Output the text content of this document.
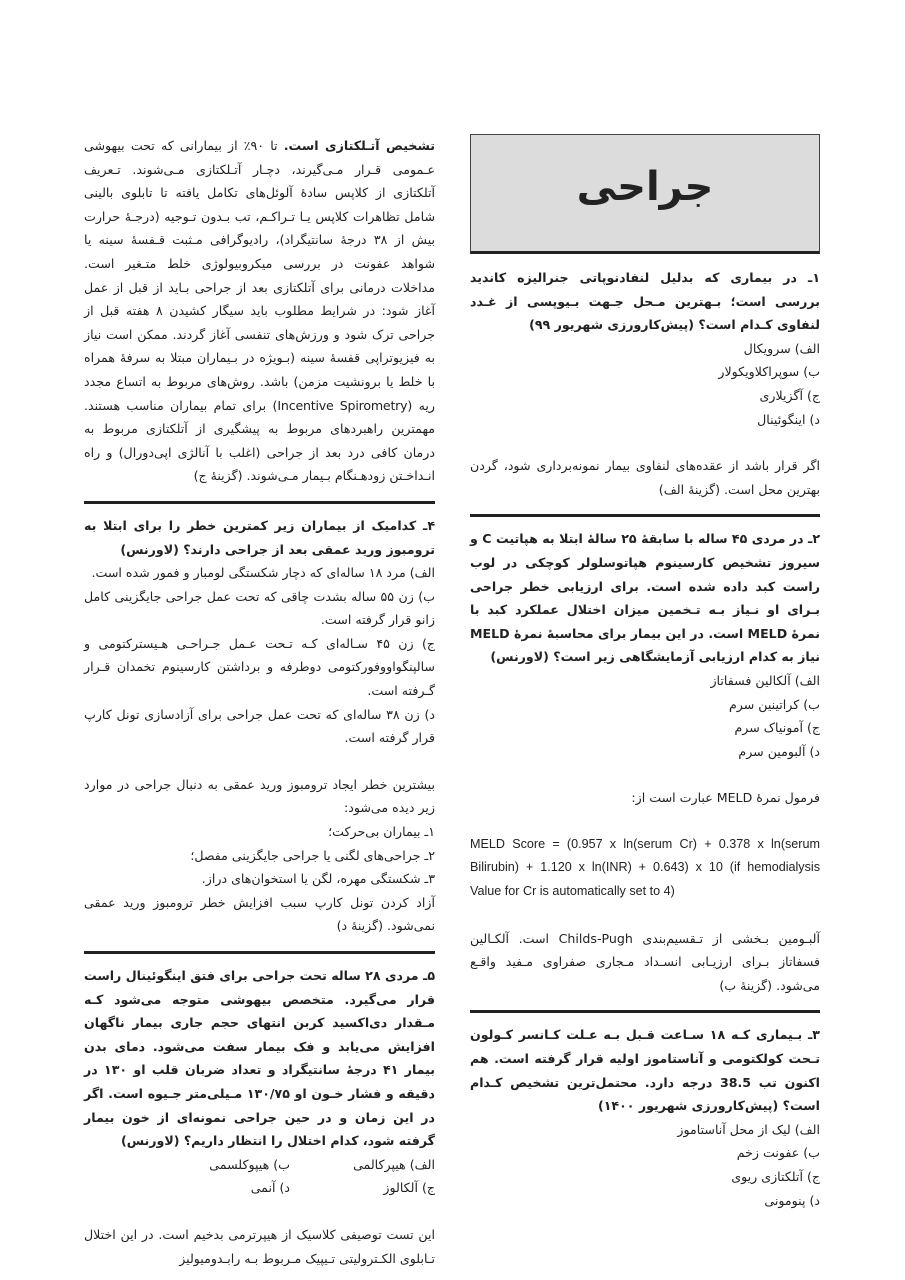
جراحی

۱ـ در بیماری که بدلیل لنفادنوپاتی جنرالیزه کاندید بررسی است؛ بـهترین مـحل جـهت بـیوپسی از غـدد لنفاوی کـدام است؟ (پیش‌کارورزی شهریور ۹۹)

الف) سرویکال
ب) سوپراکلاویکولار
ج) آگزیلاری
د) اینگوئینال

اگر قرار باشد از عقده‌های لنفاوی بیمار نمونه‌برداری شود، گردن بهترین محل است. (گزینهٔ الف)

۲ـ در مردی ۴۵ ساله با سابقهٔ ۲۵ سالهٔ ابتلا به هپاتیت C و سیروز تشخیص کارسینوم هپاتوسلولر کوچکی در لوب راست کبد داده شده است. برای ارزیابی خطر جراحی بـرای او نـیاز بـه تـخمین میزان اختلال عملکرد کبد با نمرهٔ MELD است. در این بیمار برای محاسبهٔ نمرهٔ MELD نیاز به کدام ارزیابی آزمایشگاهی زیر است؟ (لاورنس)

الف) آلکالین فسفاتاز
ب) کراتینین سرم
ج) آمونیاک سرم
د) آلبومین سرم

فرمول نمرهٔ MELD عبارت است از:

MELD Score = (0.957 x ln(serum Cr) + 0.378 x ln(serum Bilirubin) + 1.120 x ln(INR) + 0.643) x 10 (if hemodialysis Value for Cr is automatically set to 4)

آلبـومین بـخشی از تـقسیم‌بندی Childs-Pugh است. آلکـالین فسفاتاز بـرای ارزیـابی انسـداد مـجاری صفراوی مـفید واقـع می‌شود. (گزینهٔ ب)

۳ـ بـیماری کـه ۱۸ سـاعت قـبل بـه عـلت کـانسر کـولون تـحت کولکتومی و آناستاموز اولیه قرار گرفته است. هم اکنون تب 38.5 درجه دارد. محتمل‌ترین تشخیص کـدام است؟ (پیش‌کارورزی شهریور ۱۴۰۰)

الف) لیک از محل آناستاموز
ب) عفونت زخم
ج) آتلکتازی ریوی
د) پنومونی

تشخیص آتـلکتازی است. تا ۹۰٪ از بیمارانی که تحت بیهوشی عـمومی قـرار مـی‌گیرند، دچـار آتـلکتازی مـی‌شوند. تـعریف آتلکتازی از کلاپس سادهٔ آلوئل‌های تکامل یافته تا تابلوی بالینی شامل تظاهرات کلاپس یـا تـراکـم، تب بـدون تـوجیه (درجـهٔ حرارت بیش از ۳۸ درجهٔ سانتیگراد)، رادیوگرافی مـثبت قـفسهٔ سینه یا شواهد عفونت در بررسی میکروبیولوژی خلط متـغیر است. مداخلات درمانی برای آتلکتازی بعد از جراحی بـاید از قبل از عمل آغاز شود: در شرایط مطلوب باید سیگار کشیدن ۸ هفته قبل از جراحی ترک شود و ورزش‌های تنفسی آغاز گردند. ممکن است نیاز به فیزیوتراپی قفسهٔ سینه (بـویژه در بـیماران مبتلا به سرفهٔ همراه با خلط یا برونشیت مزمن) باشد. روش‌های مربوط به اتساع مجدد ریه (Incentive Spirometry) برای تمام بیماران مناسب هستند. مهمترین راهبردهای مربوط به پیشگیری از آتلکتازی مربوط به درمان کافی درد بعد از جراحی (اغلب با آنالژی اپی‌دورال) و راه انـداخـتن زودهـنگام بـیمار مـی‌شوند. (گزینهٔ ج)

۴ـ کدامیک از بیماران زیر کمترین خطر را برای ابتلا به ترومبوز ورید عمقی بعد از جراحی دارند؟ (لاورنس)

الف) مرد ۱۸ ساله‌ای که دچار شکستگی لومبار و فمور شده است.
ب) زن ۵۵ ساله بشدت چاقی که تحت عمل جراحی جایگزینی کامل زانو قرار گرفته است.
ج) زن ۴۵ سـاله‌ای کـه تـحت عـمل جـراحـی هـیسترکتومی و سالپنگواووفورکتومی دوطرفه و برداشتن کارسینوم تخمدان قـرار گـرفته است.
د) زن ۳۸ ساله‌ای که تحت عمل جراحی برای آزادسازی تونل کارپ قرار گرفته است.

بیشترین خطر ایجاد ترومبوز ورید عمقی به دنبال جراحی در موارد زیر دیده می‌شود:

۱ـ بیماران بی‌حرکت؛
۲ـ جراحی‌های لگنی یا جراحی جایگزینی مفصل؛
۳ـ شکستگی مهره، لگن یا استخوان‌های دراز.

آزاد کردن تونل کارپ سبب افزایش خطر ترومبوز ورید عمقی نمی‌شود. (گزینهٔ د)

۵ـ مردی ۲۸ ساله تحت جراحی برای فتق اینگوئینال راست قرار می‌گیرد. متخصص بیهوشی متوجه می‌شود کـه مـقدار دی‌اکسید کربن انتهای حجم جاری بیمار ناگهان افزایش می‌یابد و فک بیمار سفت می‌شود. دمای بدن بیمار ۴۱ درجهٔ سانتیگراد و تعداد ضربان قلب او ۱۳۰ در دقیقه و فشار خـون او ۱۳۰/۷۵ مـیلی‌متر جـیوه است. اگر در این زمان و در حین جراحی نمونه‌ای از خون بیمار گرفته شود، کدام اختلال را انتظار داریم؟ (لاورنس)

الف) هیپرکالمی
ب) هیپوکلسمی
ج) آلکالوز
د) آنمی

این تست توصیفی کلاسیک از هیپرترمی بدخیم است. در این اختلال تـابلوی الکـترولیتی تـیپیک مـربوط بـه رابـدومیولیز
